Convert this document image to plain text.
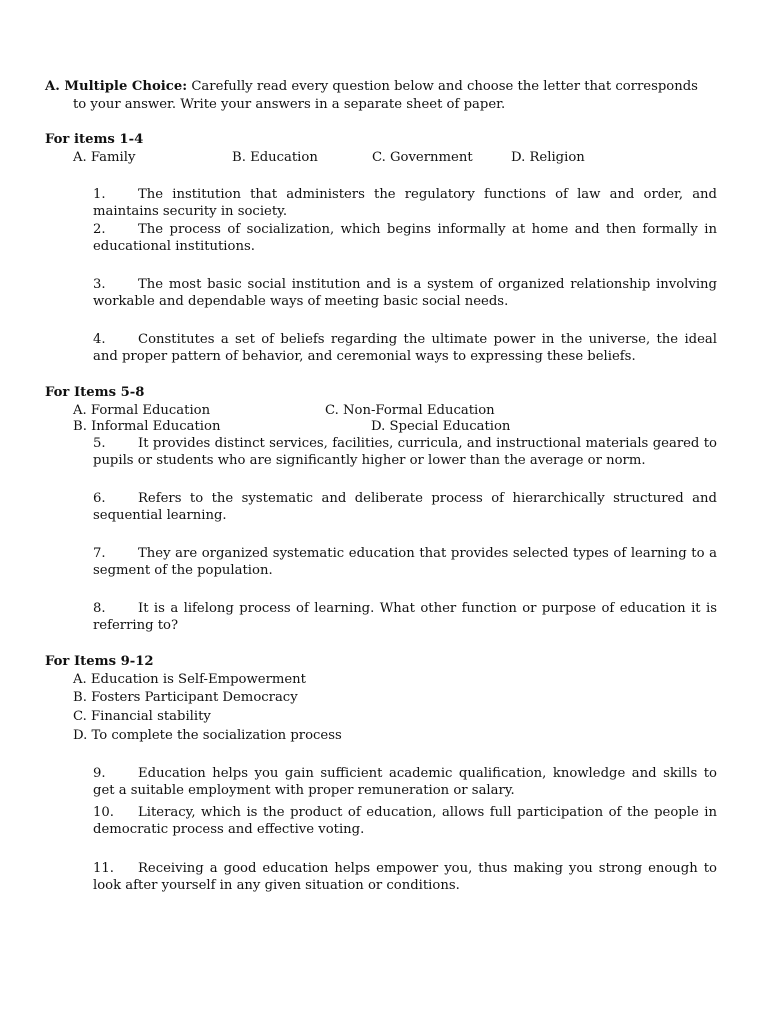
A. Multiple Choice: Carefully read every question below and choose the letter that corresponds
to your answer. Write your answers in a separate sheet of paper.
For items 1-4
A. Family	B. Education	C. Government	D. Religion
1. The institution that administers the regulatory functions of law and order, and maintains security in society.
2. The process of socialization, which begins informally at home and then formally in educational institutions.
3. The most basic social institution and is a system of organized relationship involving workable and dependable ways of meeting basic social needs.
4. Constitutes a set of beliefs regarding the ultimate power in the universe, the ideal and proper pattern of behavior, and ceremonial ways to expressing these beliefs.
For Items 5-8
A. Formal Education	C. Non-Formal Education
B. Informal Education	D. Special Education
5. It provides distinct services, facilities, curricula, and instructional materials geared to pupils or students who are significantly higher or lower than the average or norm.
6. Refers to the systematic and deliberate process of hierarchically structured and sequential learning.
7. They are organized systematic education that provides selected types of learning to a segment of the population.
8. It is a lifelong process of learning. What other function or purpose of education it is referring to?
For Items 9-12
A. Education is Self-Empowerment
B. Fosters Participant Democracy
C. Financial stability
D. To complete the socialization process
9. Education helps you gain sufficient academic qualification, knowledge and skills to get a suitable employment with proper remuneration or salary.
10. Literacy, which is the product of education, allows full participation of the people in democratic process and effective voting.
11. Receiving a good education helps empower you, thus making you strong enough to look after yourself in any given situation or conditions.
